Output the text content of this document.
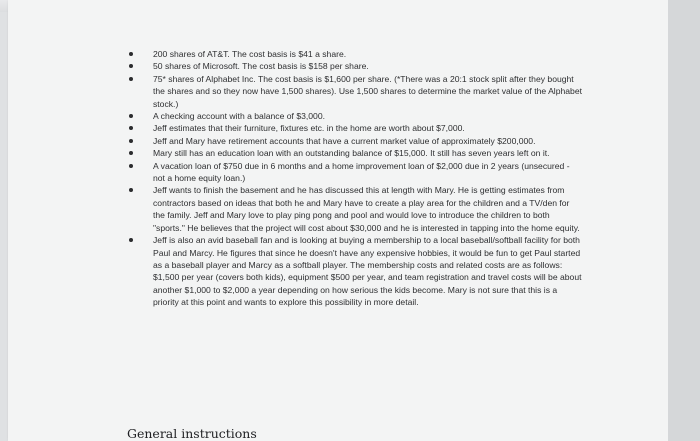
200 shares of AT&T. The cost basis is $41 a share.
50 shares of Microsoft. The cost basis is $158 per share.
75* shares of Alphabet Inc. The cost basis is $1,600 per share. (*There was a 20:1 stock split after they bought the shares and so they now have 1,500 shares). Use 1,500 shares to determine the market value of the Alphabet stock.)
A checking account with a balance of $3,000.
Jeff estimates that their furniture, fixtures etc. in the home are worth about $7,000.
Jeff and Mary have retirement accounts that have a current market value of approximately $200,000.
Mary still has an education loan with an outstanding balance of $15,000. It still has seven years left on it.
A vacation loan of $750 due in 6 months and a home improvement loan of $2,000 due in 2 years (unsecured - not a home equity loan.)
Jeff wants to finish the basement and he has discussed this at length with Mary. He is getting estimates from contractors based on ideas that both he and Mary have to create a play area for the children and a TV/den for the family. Jeff and Mary love to play ping pong and pool and would love to introduce the children to both "sports." He believes that the project will cost about $30,000 and he is interested in tapping into the home equity.
Jeff is also an avid baseball fan and is looking at buying a membership to a local baseball/softball facility for both Paul and Marcy. He figures that since he doesn't have any expensive hobbies, it would be fun to get Paul started as a baseball player and Marcy as a softball player. The membership costs and related costs are as follows: $1,500 per year (covers both kids), equipment $500 per year, and team registration and travel costs will be about another $1,000 to $2,000 a year depending on how serious the kids become. Mary is not sure that this is a priority at this point and wants to explore this possibility in more detail.
General instructions
